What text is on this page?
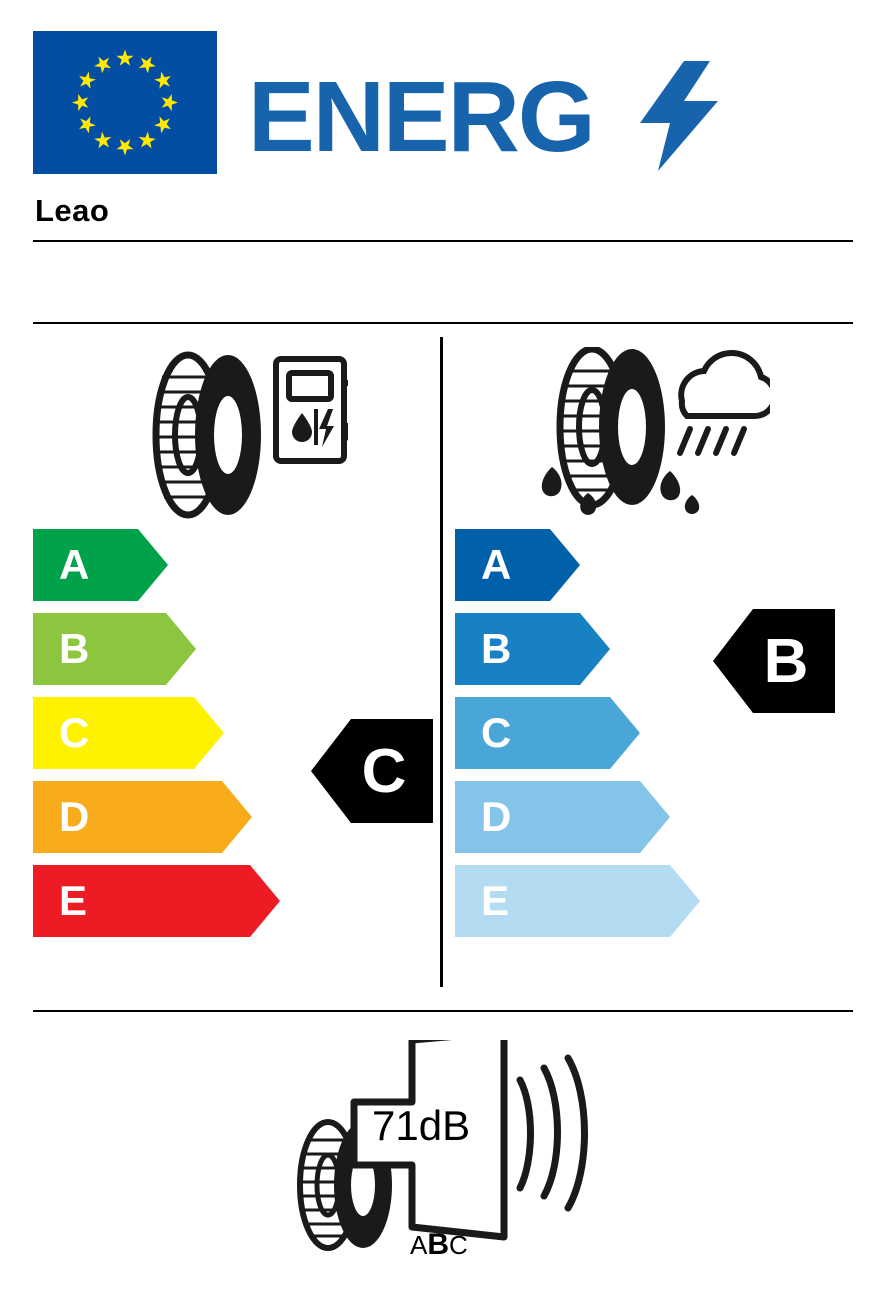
ENERG
Leao
A
B
C
D
E
C
A
B
C
D
E
B
71dB
ABC
